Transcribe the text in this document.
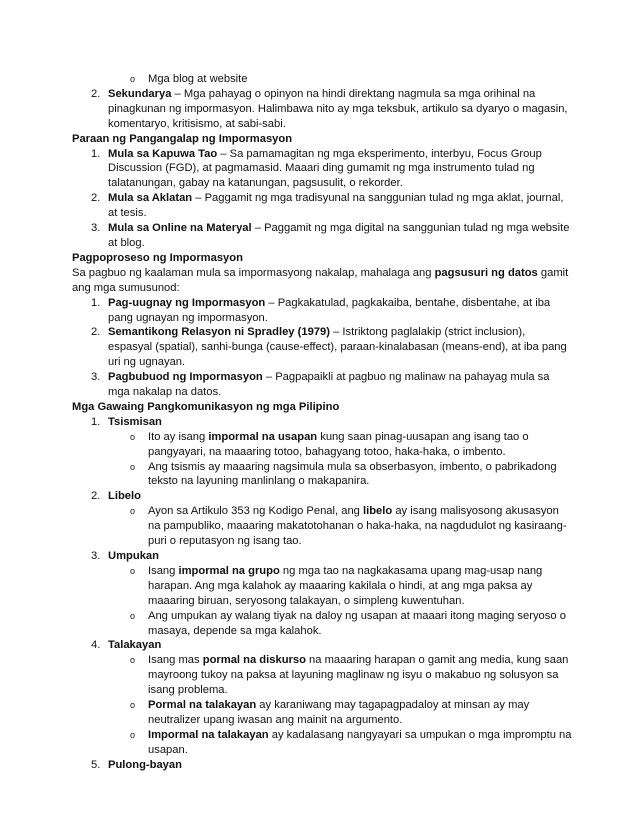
o Mga blog at website
2. Sekundarya – Mga pahayag o opinyon na hindi direktang nagmula sa mga orihinal na pinagkunan ng impormasyon. Halimbawa nito ay mga teksbuk, artikulo sa dyaryo o magasin, komentaryo, kritisismo, at sabi-sabi.

Paraan ng Pangangalap ng Impormasyon

1. Mula sa Kapuwa Tao – Sa pamamagitan ng mga eksperimento, interbyu, Focus Group Discussion (FGD), at pagmamasid. Maaari ding gumamit ng mga instrumento tulad ng talatanungan, gabay na katanungan, pagsusulit, o rekorder.
2. Mula sa Aklatan – Paggamit ng mga tradisyunal na sanggunian tulad ng mga aklat, journal, at tesis.
3. Mula sa Online na Materyal – Paggamit ng mga digital na sanggunian tulad ng mga website at blog.

Pagpoproseso ng Impormasyon

Sa pagbuo ng kaalaman mula sa impormasyong nakalap, mahalaga ang pagsusuri ng datos gamit ang mga sumusunod:

1. Pag-uugnay ng Impormasyon – Pagkakatulad, pagkakaiba, bentahe, disbentahe, at iba pang ugnayan ng impormasyon.
2. Semantikong Relasyon ni Spradley (1979) – Istriktong paglalakip (strict inclusion), espasyal (spatial), sanhi-bunga (cause-effect), paraan-kinalabasan (means-end), at iba pang uri ng ugnayan.
3. Pagbubuod ng Impormasyon – Pagpapaikli at pagbuo ng malinaw na pahayag mula sa mga nakalap na datos.

Mga Gawaing Pangkomunikasyon ng mga Pilipino

1. Tsismisan
o Ito ay isang impormal na usapan kung saan pinag-uusapan ang isang tao o pangyayari, na maaaring totoo, bahagyang totoo, haka-haka, o imbento.
o Ang tsismis ay maaaring nagsimula mula sa obserbasyon, imbento, o pabrikadong teksto na layuning manlinlang o makapanira.
2. Libelo
o Ayon sa Artikulo 353 ng Kodigo Penal, ang libelo ay isang malisyosong akusasyon na pampubliko, maaaring makatotohanan o haka-haka, na nagdudulot ng kasiraang-puri o reputasyon ng isang tao.
3. Umpukan
o Isang impormal na grupo ng mga tao na nagkakasama upang mag-usap nang harapan. Ang mga kalahok ay maaaring kakilala o hindi, at ang mga paksa ay maaaring biruan, seryosong talakayan, o simpleng kuwentuhan.
o Ang umpukan ay walang tiyak na daloy ng usapan at maaari itong maging seryoso o masaya, depende sa mga kalahok.
4. Talakayan
o Isang mas pormal na diskurso na maaaring harapan o gamit ang media, kung saan mayroong tukoy na paksa at layuning maglinaw ng isyu o makabuo ng solusyon sa isang problema.
o Pormal na talakayan ay karaniwang may tagapagpadaloy at minsan ay may neutralizer upang iwasan ang mainit na argumento.
o Impormal na talakayan ay kadalasang nangyayari sa umpukan o mga impromptu na usapan.
5. Pulong-bayan
